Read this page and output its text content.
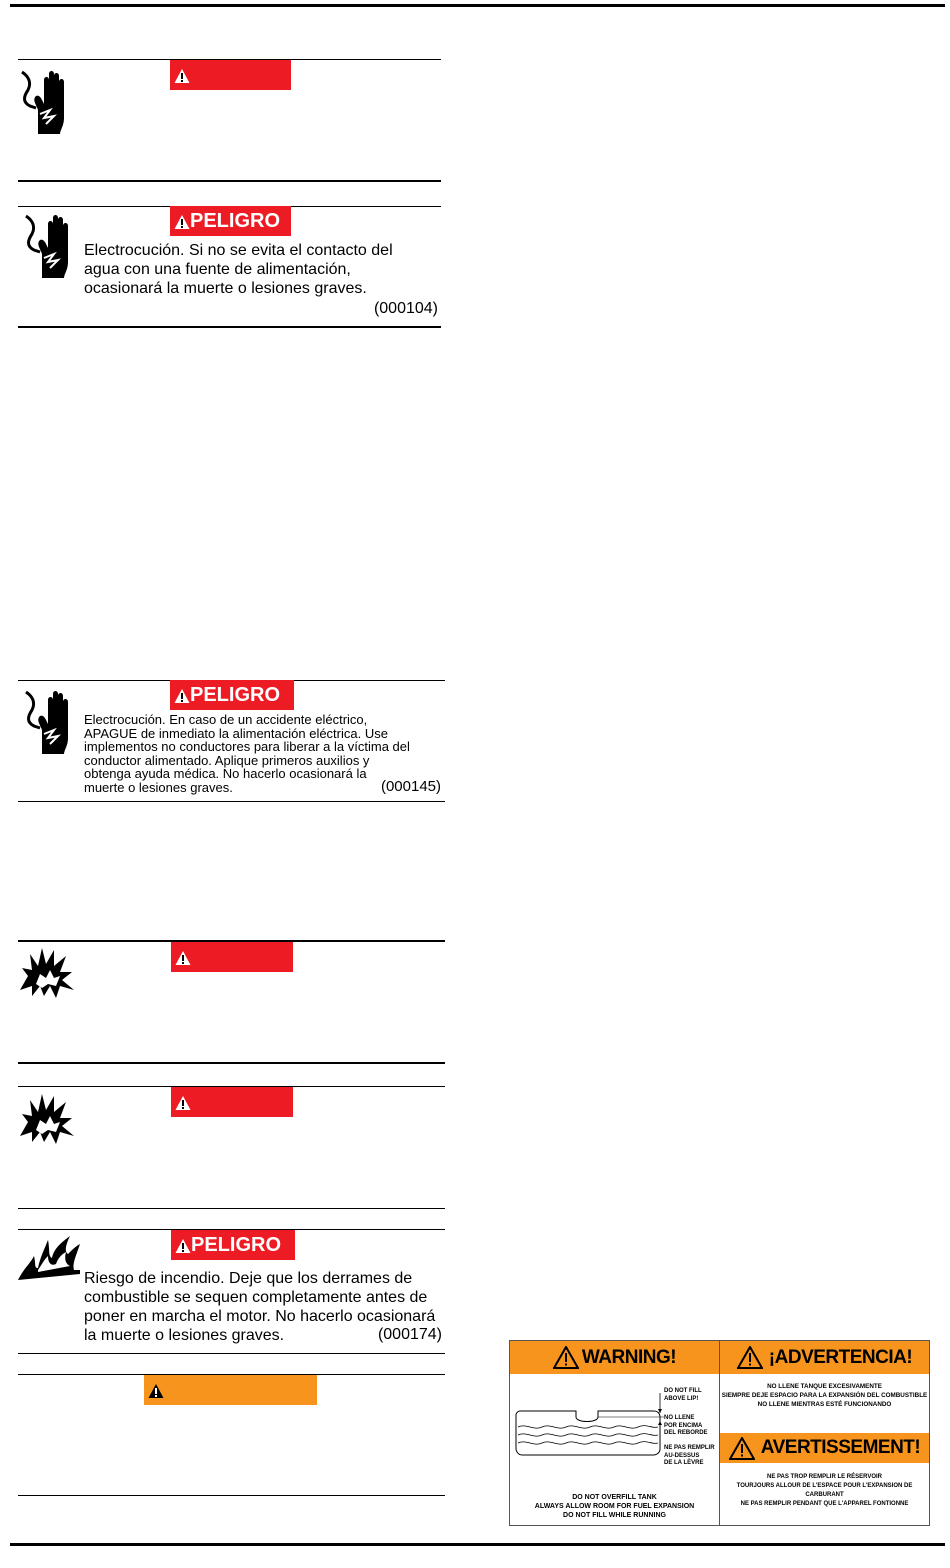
PELIGRO
Electrocución. Si no se evita el contacto del
agua con una fuente de alimentación,
ocasionará la muerte o lesiones graves.
(000104)
PELIGRO
Electrocución. En caso de un accidente eléctrico,
APAGUE de inmediato la alimentación eléctrica. Use
implementos no conductores para liberar a la víctima del
conductor alimentado. Aplique primeros auxilios y
obtenga ayuda médica. No hacerlo ocasionará la
muerte o lesiones graves.	(000145)
PELIGRO
Riesgo de incendio. Deje que los derrames de
combustible se sequen completamente antes de
poner en marcha el motor. No hacerlo ocasionará
la muerte o lesiones graves.	(000174)
WARNING!	¡ADVERTENCIA!
NO LLENE TANQUE EXCESIVAMENTE
SIEMPRE DEJE ESPACIO PARA LA EXPANSIÓN DEL COMBUSTIBLE
NO LLENE MIENTRAS ESTÉ FUNCIONANDO
AVERTISSEMENT!
NE PAS TROP REMPLIR LE RÉSERVOIR
TOURJOURS ALLOUR DE L'ESPACE POUR L'EXPANSION DE CARBURANT
NE PAS REMPLIR PENDANT QUE L'APPAREL FONTIONNE
DO NOT FILL
ABOVE LIP!
NO LLENE
POR ENCIMA
DEL REBORDE
NE PAS REMPLIR
AU-DESSUS
DE LA LÈVRE
DO NOT OVERFILL TANK
ALWAYS ALLOW ROOM FOR FUEL EXPANSION
DO NOT FILL WHILE RUNNING
